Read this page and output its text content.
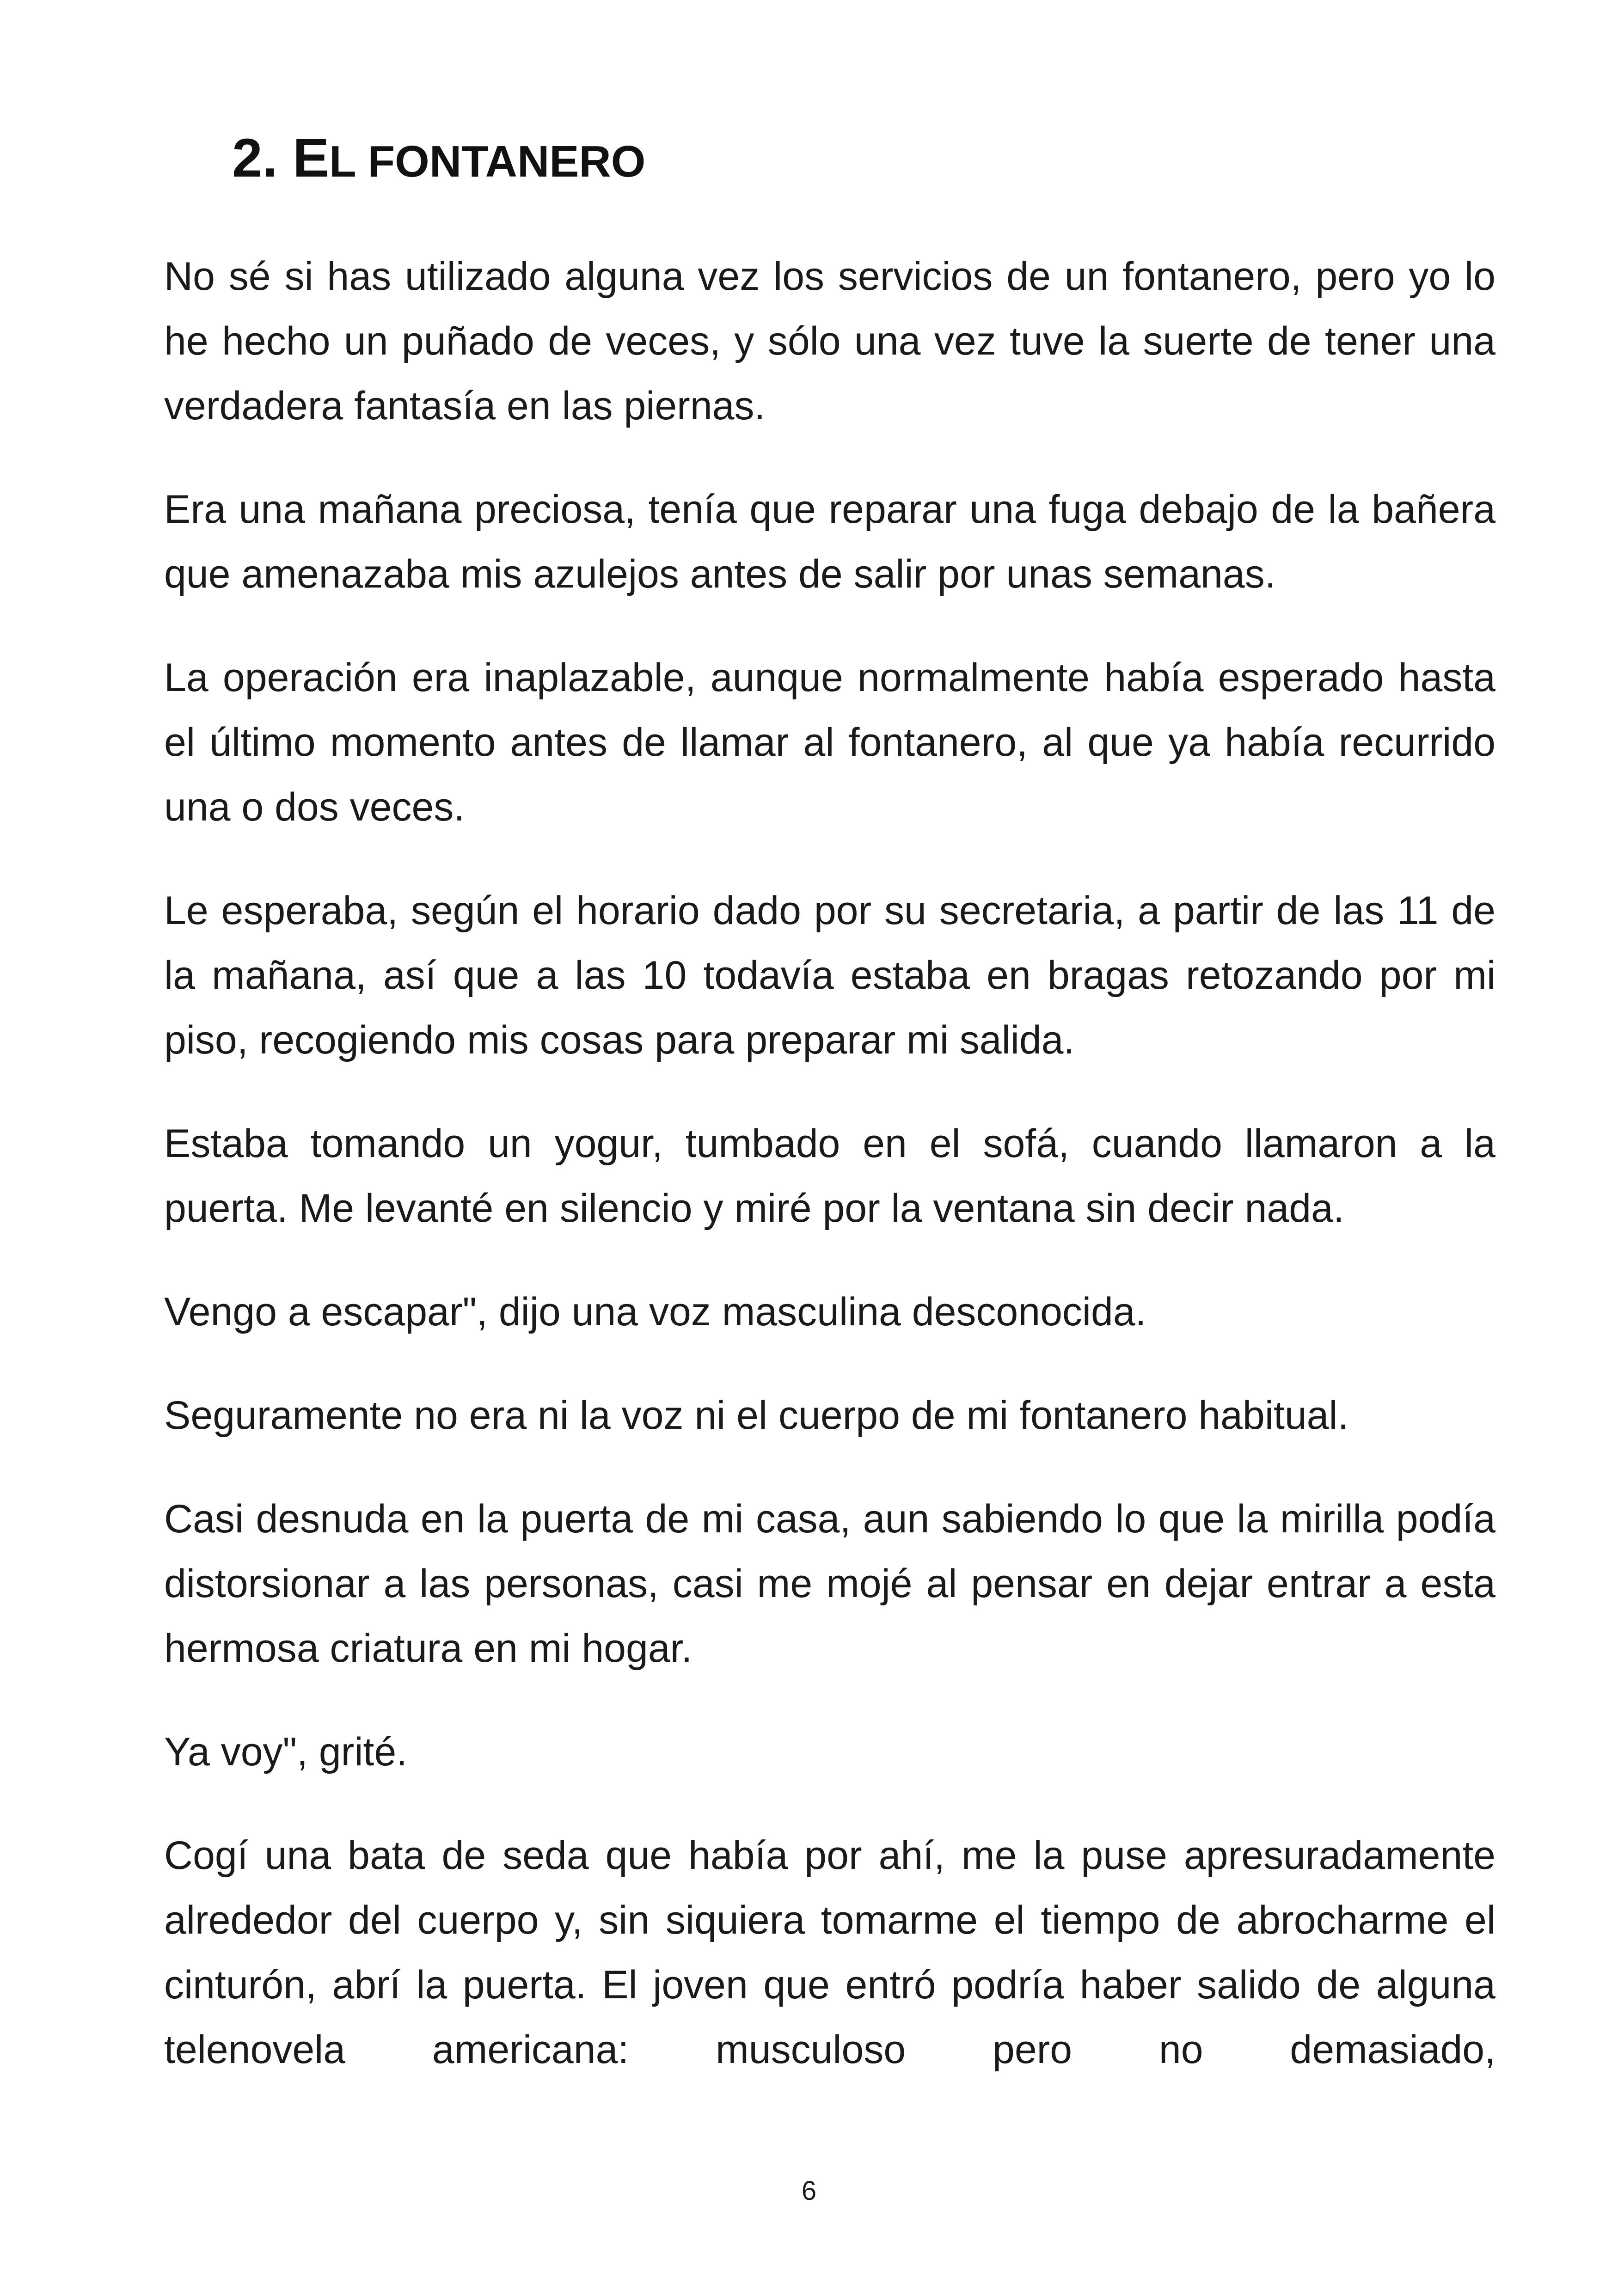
2. EL FONTANERO

No sé si has utilizado alguna vez los servicios de un fontanero, pero yo lo he hecho un puñado de veces, y sólo una vez tuve la suerte de tener una verdadera fantasía en las piernas.

Era una mañana preciosa, tenía que reparar una fuga debajo de la bañera que amenazaba mis azulejos antes de salir por unas semanas.

La operación era inaplazable, aunque normalmente había esperado hasta el último momento antes de llamar al fontanero, al que ya había recurrido una o dos veces.

Le esperaba, según el horario dado por su secretaria, a partir de las 11 de la mañana, así que a las 10 todavía estaba en bragas retozando por mi piso, recogiendo mis cosas para preparar mi salida.

Estaba tomando un yogur, tumbado en el sofá, cuando llamaron a la puerta. Me levanté en silencio y miré por la ventana sin decir nada.

Vengo a escapar", dijo una voz masculina desconocida.

Seguramente no era ni la voz ni el cuerpo de mi fontanero habitual.

Casi desnuda en la puerta de mi casa, aun sabiendo lo que la mirilla podía distorsionar a las personas, casi me mojé al pensar en dejar entrar a esta hermosa criatura en mi hogar.

Ya voy", grité.

Cogí una bata de seda que había por ahí, me la puse apresuradamente alrededor del cuerpo y, sin siquiera tomarme el tiempo de abrocharme el cinturón, abrí la puerta. El joven que entró podría haber salido de alguna telenovela americana: musculoso pero no demasiado,

6
